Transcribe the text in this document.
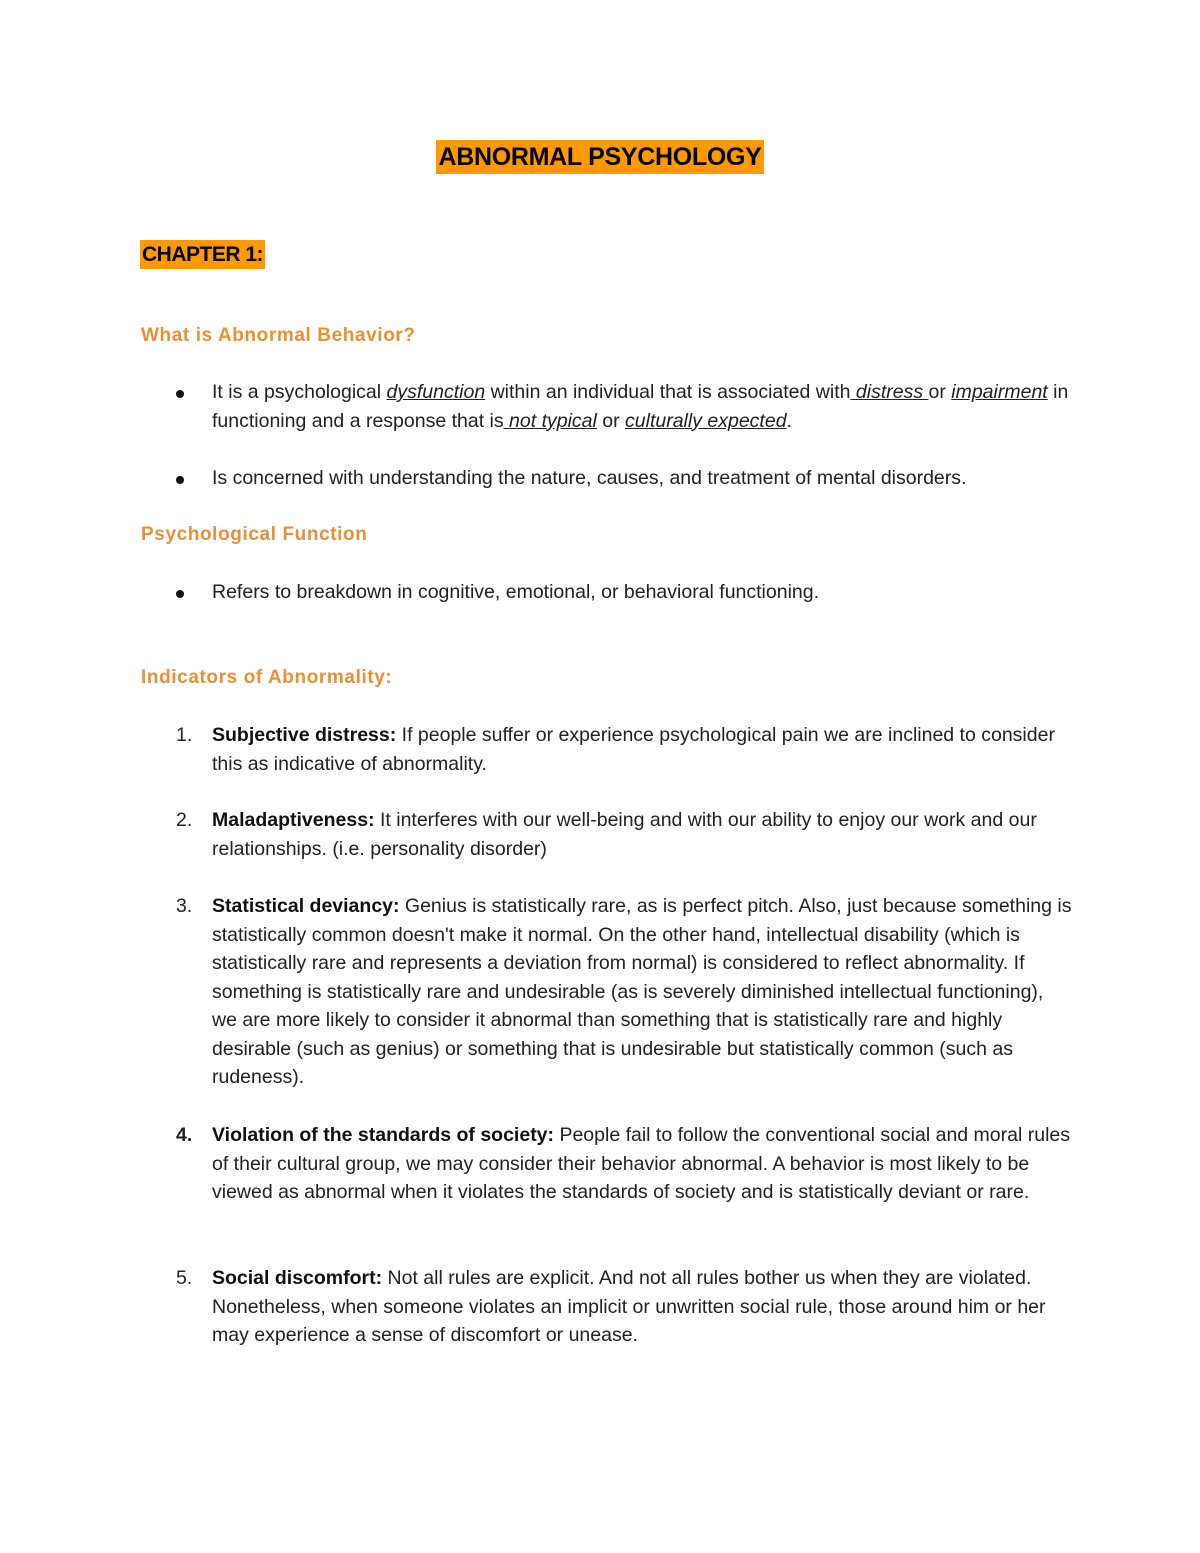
ABNORMAL PSYCHOLOGY
CHAPTER 1:
What is Abnormal Behavior?
It is a psychological dysfunction within an individual that is associated with distress or impairment in functioning and a response that is not typical or culturally expected.
Is concerned with understanding the nature, causes, and treatment of mental disorders.
Psychological Function
Refers to breakdown in cognitive, emotional, or behavioral functioning.
Indicators of Abnormality:
1. Subjective distress: If people suffer or experience psychological pain we are inclined to consider this as indicative of abnormality.
2. Maladaptiveness: It interferes with our well-being and with our ability to enjoy our work and our relationships. (i.e. personality disorder)
3. Statistical deviancy: Genius is statistically rare, as is perfect pitch. Also, just because something is statistically common doesn't make it normal. On the other hand, intellectual disability (which is statistically rare and represents a deviation from normal) is considered to reflect abnormality. If something is statistically rare and undesirable (as is severely diminished intellectual functioning), we are more likely to consider it abnormal than something that is statistically rare and highly desirable (such as genius) or something that is undesirable but statistically common (such as rudeness).
4. Violation of the standards of society: People fail to follow the conventional social and moral rules of their cultural group, we may consider their behavior abnormal. A behavior is most likely to be viewed as abnormal when it violates the standards of society and is statistically deviant or rare.
5. Social discomfort: Not all rules are explicit. And not all rules bother us when they are violated. Nonetheless, when someone violates an implicit or unwritten social rule, those around him or her may experience a sense of discomfort or unease.
